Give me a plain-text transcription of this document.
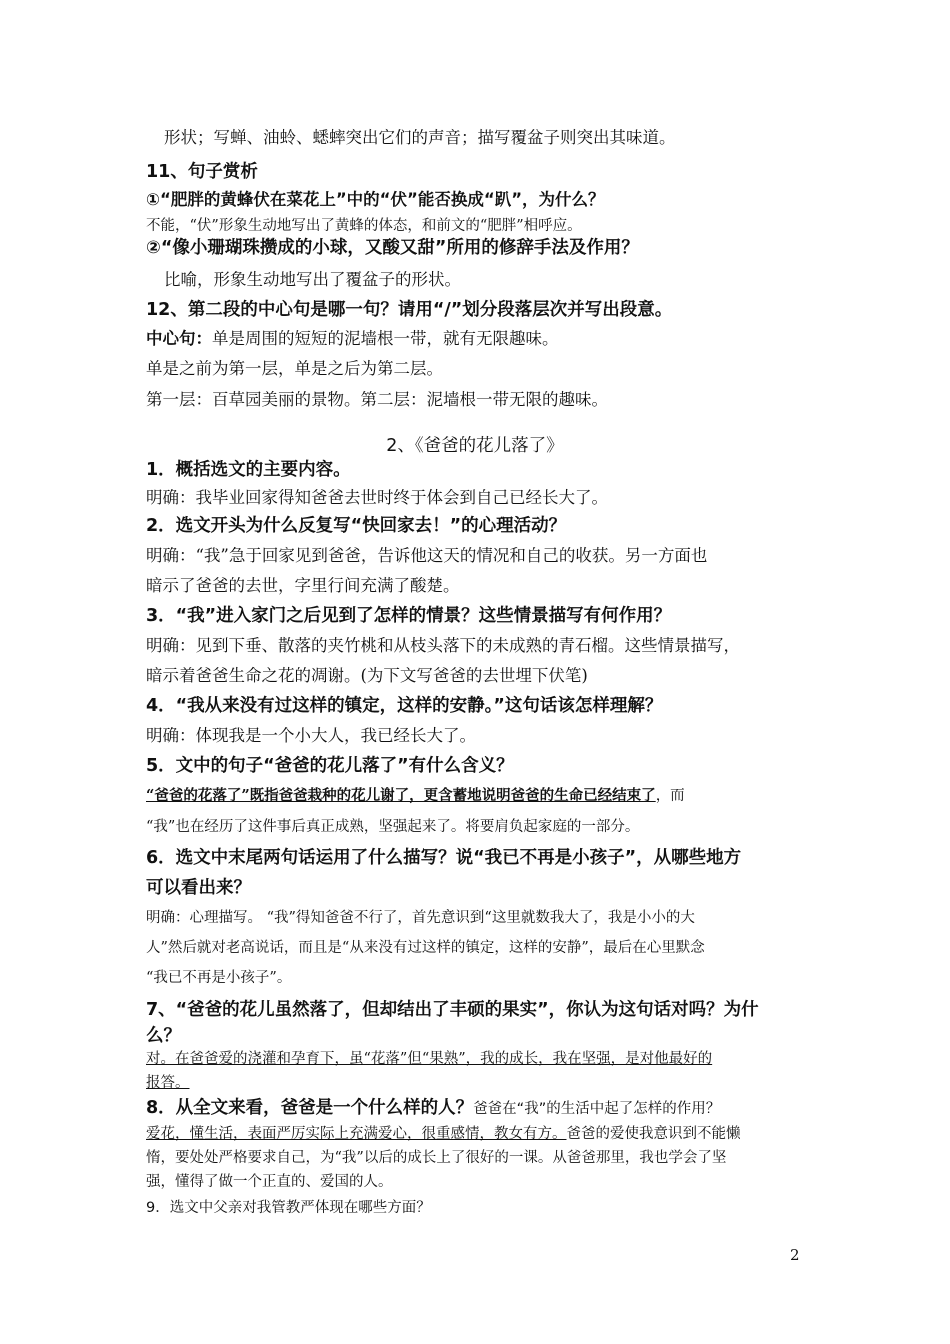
形状；写蝉、油蛉、蟋蟀突出它们的声音；描写覆盆子则突出其味道。
11、句子赏析
①“肥胖的黄蜂伏在菜花上”中的“伏”能否换成“趴”，为什么？
不能，“伏”形象生动地写出了黄蜂的体态，和前文的“肥胖”相呼应。
②“像小珊瑚珠攒成的小球，又酸又甜”所用的修辞手法及作用？
比喻，形象生动地写出了覆盆子的形状。
12、第二段的中心句是哪一句？请用“/”划分段落层次并写出段意。
中心句：单是周围的短短的泥墙根一带，就有无限趣味。
单是之前为第一层，单是之后为第二层。
第一层：百草园美丽的景物。第二层：泥墙根一带无限的趣味。
2、《爸爸的花儿落了》
1．概括选文的主要内容。
明确：我毕业回家得知爸爸去世时终于体会到自己已经长大了。
2．选文开头为什么反复写“快回家去！”的心理活动？
明确：“我”急于回家见到爸爸，告诉他这天的情况和自己的收获。另一方面也
暗示了爸爸的去世，字里行间充满了酸楚。
3．“我”进入家门之后见到了怎样的情景？这些情景描写有何作用？
明确：见到下垂、散落的夹竹桃和从枝头落下的未成熟的青石榴。这些情景描写，
暗示着爸爸生命之花的凋谢。(为下文写爸爸的去世埋下伏笔)
4．“我从来没有过这样的镇定，这样的安静。”这句话该怎样理解？
明确：体现我是一个小大人，我已经长大了。
5．文中的句子“爸爸的花儿落了”有什么含义？
“爸爸的花落了”既指爸爸栽种的花儿谢了，更含蓄地说明爸爸的生命已经结束了，而
“我”也在经历了这件事后真正成熟，坚强起来了。将要肩负起家庭的一部分。
6．选文中末尾两句话运用了什么描写？说“我已不再是小孩子”，从哪些地方
可以看出来？
明确：心理描写。 “我”得知爸爸不行了，首先意识到“这里就数我大了，我是小小的大
人”然后就对老高说话，而且是“从来没有过这样的镇定，这样的安静”，最后在心里默念
“我已不再是小孩子”。
7、“爸爸的花儿虽然落了，但却结出了丰硕的果实”，你认为这句话对吗？为什
么？
对。在爸爸爱的浇灌和孕育下，虽“花落”但“果熟”，我的成长，我在坚强，是对他最好的
报答。
8．从全文来看，爸爸是一个什么样的人？爸爸在“我”的生活中起了怎样的作用？
爱花，懂生活，表面严厉实际上充满爱心，很重感情，教女有方。爸爸的爱使我意识到不能懒
惰，要处处严格要求自己，为“我”以后的成长上了很好的一课。从爸爸那里，我也学会了坚
强，懂得了做一个正直的、爱国的人。
9．选文中父亲对我管教严体现在哪些方面？
2
